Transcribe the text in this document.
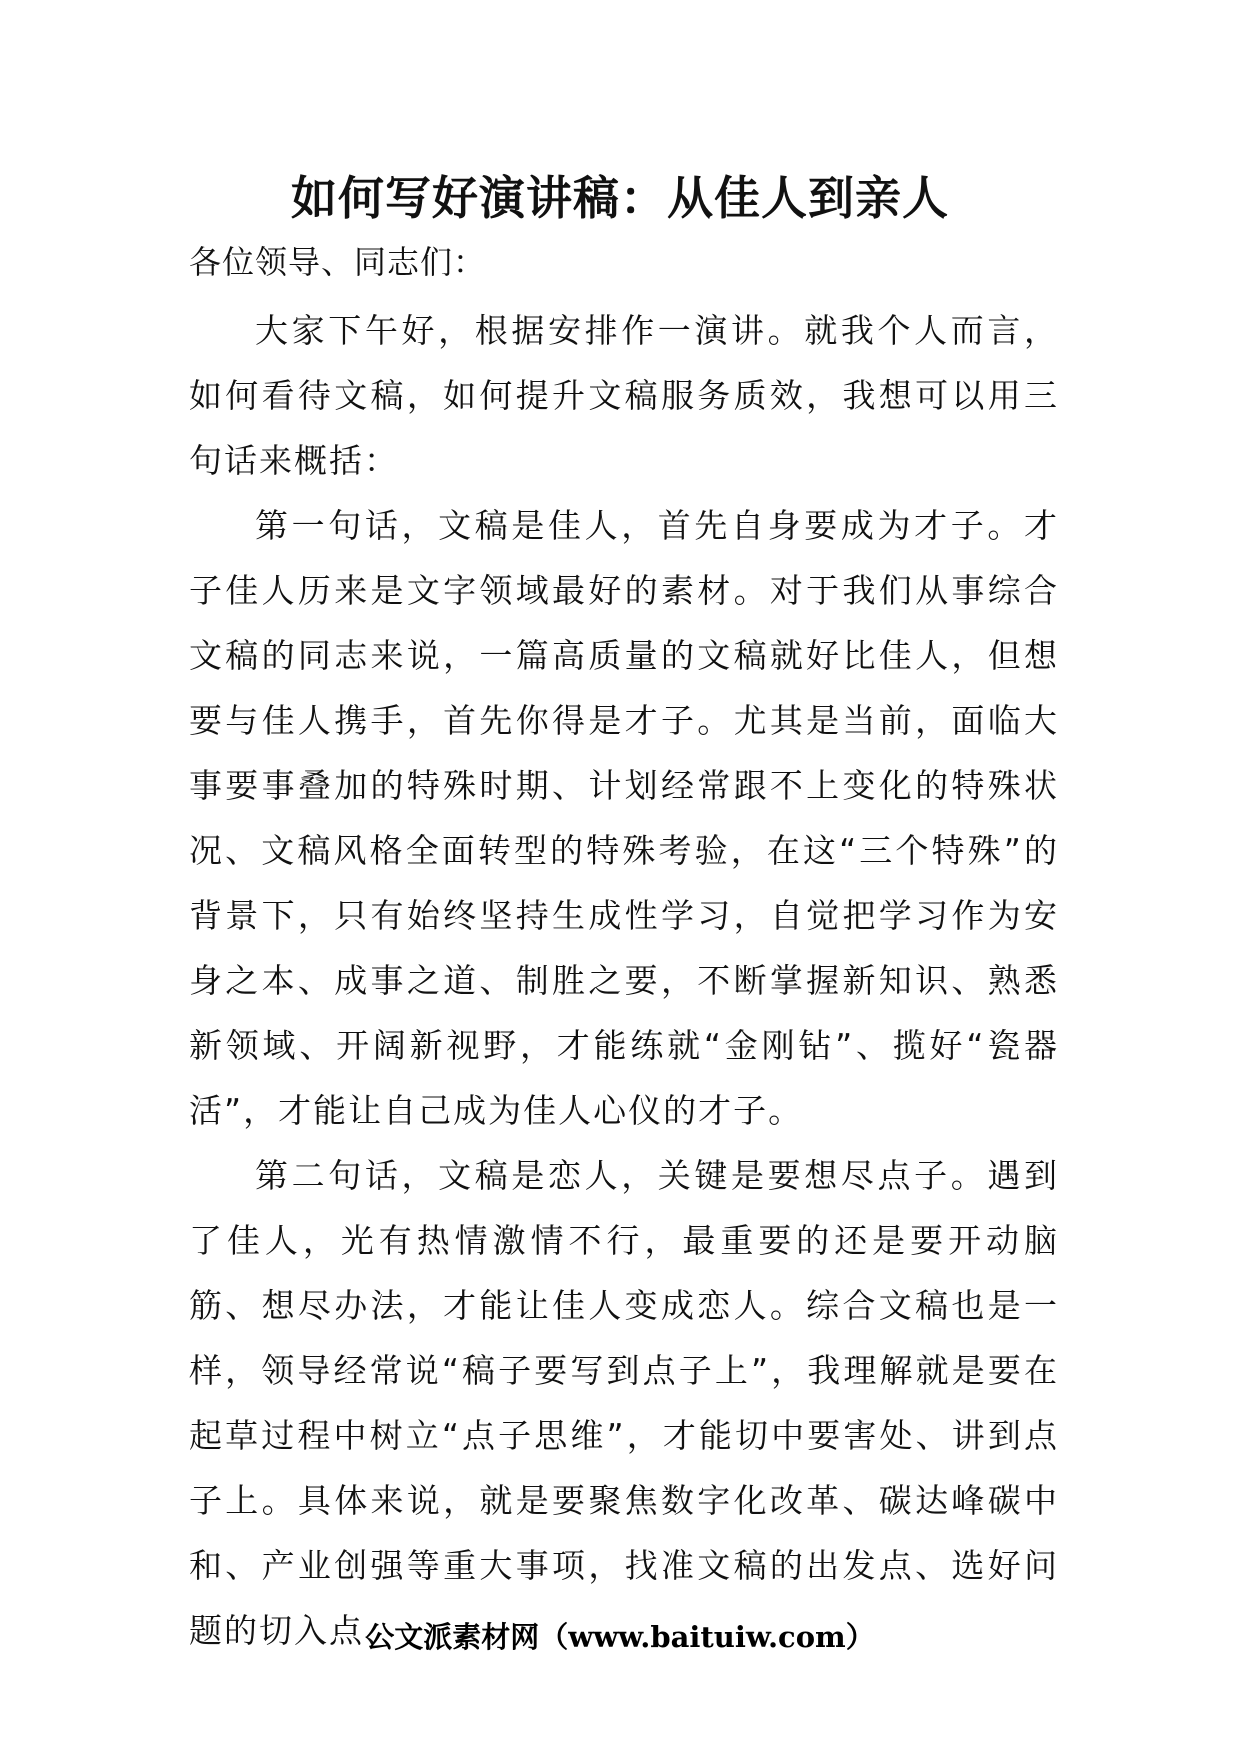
如何写好演讲稿：从佳人到亲人

各位领导、同志们：

大家下午好，根据安排作一演讲。就我个人而言，如何看待文稿，如何提升文稿服务质效，我想可以用三句话来概括：

第一句话，文稿是佳人，首先自身要成为才子。才子佳人历来是文字领域最好的素材。对于我们从事综合文稿的同志来说，一篇高质量的文稿就好比佳人，但想要与佳人携手，首先你得是才子。尤其是当前，面临大事要事叠加的特殊时期、计划经常跟不上变化的特殊状况、文稿风格全面转型的特殊考验，在这“三个特殊”的背景下，只有始终坚持生成性学习，自觉把学习作为安身之本、成事之道、制胜之要，不断掌握新知识、熟悉新领域、开阔新视野，才能练就“金刚钻”、揽好“瓷器活”，才能让自己成为佳人心仪的才子。

第二句话，文稿是恋人，关键是要想尽点子。遇到了佳人，光有热情激情不行，最重要的还是要开动脑筋、想尽办法，才能让佳人变成恋人。综合文稿也是一样，领导经常说“稿子要写到点子上”，我理解就是要在起草过程中树立“点子思维”，才能切中要害处、讲到点子上。具体来说，就是要聚焦数字化改革、碳达峰碳中和、产业创强等重大事项，找准文稿的出发点、选好问题的切入点、

公文派素材网（www.baituiw.com）
